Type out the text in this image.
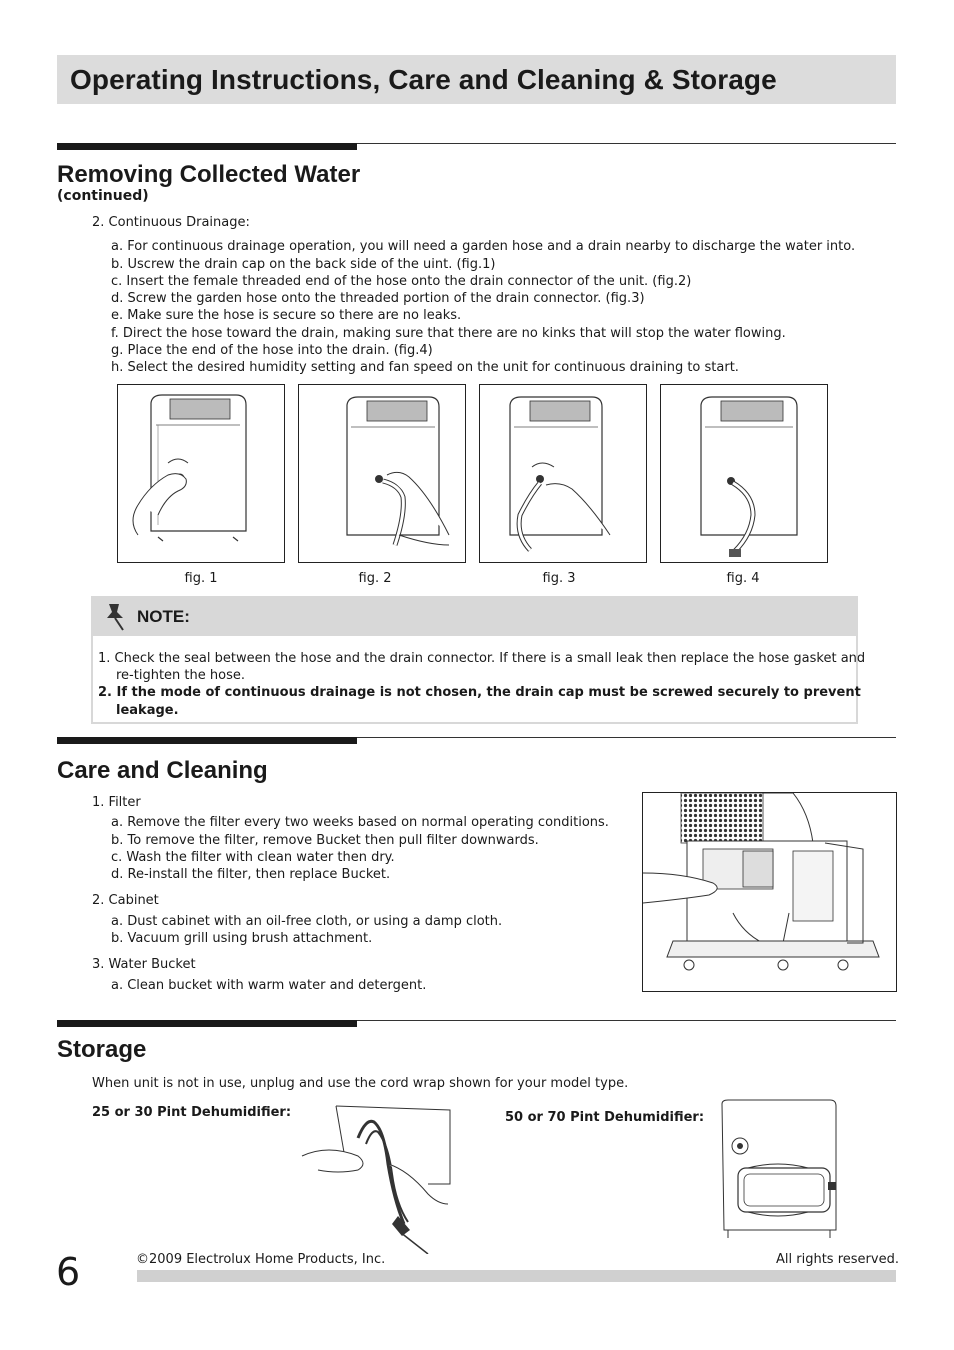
Operating Instructions, Care and Cleaning & Storage
Removing Collected Water
(continued)
2. Continuous Drainage:
a. For continuous drainage operation, you will need a garden hose and a drain nearby to discharge the water into.
b. Uscrew the drain cap on the back side of the uint. (fig.1)
c. Insert the female threaded end of the hose onto the drain connector of the unit. (fig.2)
d. Screw the garden hose onto the threaded portion of the drain connector. (fig.3)
e. Make sure the hose is secure so there are no leaks.
f. Direct the hose toward the drain, making sure that there are no kinks that will stop the water flowing.
g. Place the end of the hose into the drain. (fig.4)
h. Select the desired humidity setting and fan speed on the unit for continuous draining to start.
fig. 1	fig. 2	fig. 3	fig. 4
NOTE:
1. Check the seal between the hose and the drain connector. If there is a small leak then replace the hose gasket and
re-tighten the hose.
2. If the mode of continuous drainage is not chosen, the drain cap must be screwed securely to prevent
leakage.
Care and Cleaning
1. Filter
a. Remove the filter every two weeks based on normal operating conditions.
b. To remove the filter, remove Bucket then pull filter downwards.
c. Wash the filter with clean water then dry.
d. Re-install the filter, then replace Bucket.
2. Cabinet
a. Dust cabinet with an oil-free cloth, or using a damp cloth.
b. Vacuum grill using brush attachment.
3. Water Bucket
a. Clean bucket with warm water and detergent.
Storage
When unit is not in use, unplug and use the cord wrap shown for your model type.
25 or 30 Pint Dehumidifier:	50 or 70 Pint Dehumidifier:
6	©2009 Electrolux Home Products, Inc.	All rights reserved.
